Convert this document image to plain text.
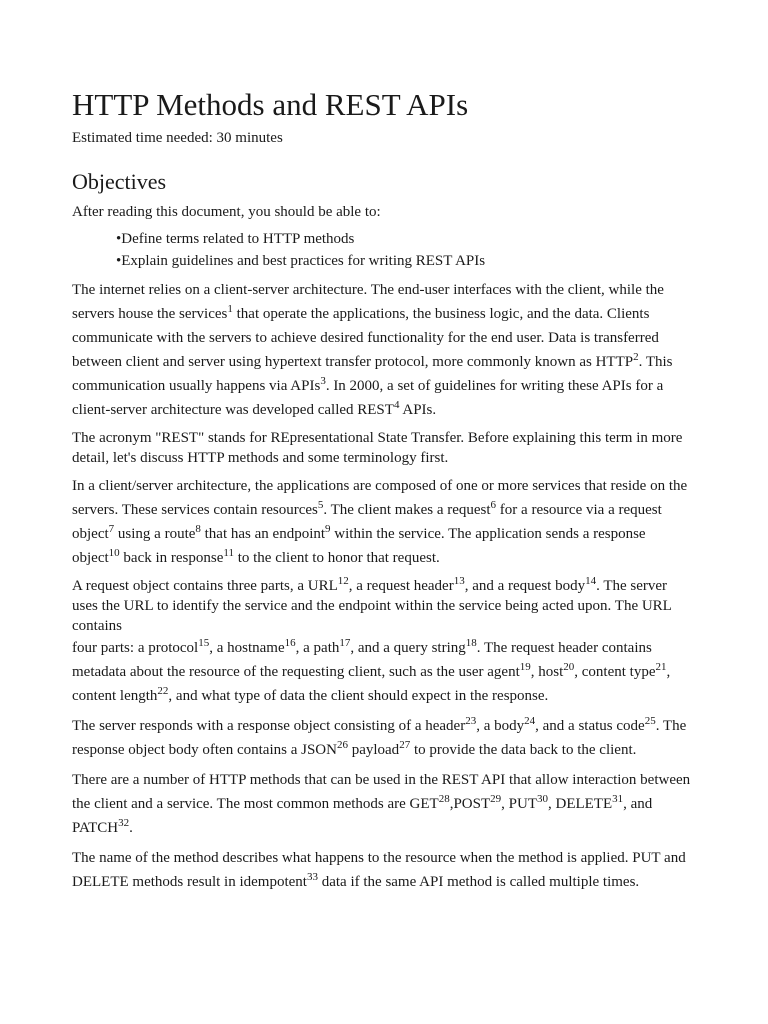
HTTP Methods and REST APIs
Estimated time needed: 30 minutes
Objectives

After reading this document, you should be able to:

• Define terms related to HTTP methods
• Explain guidelines and best practices for writing REST APIs

The internet relies on a client-server architecture. The end-user interfaces with the client, while the servers house the services$^1$ that operate the applications, the business logic, and the data. Clients communicate with the servers to achieve desired functionality for the end user. Data is transferred between client and server using hypertext transfer protocol, more commonly known as HTTP$^2$. This communication usually happens via APIs$^3$. In 2000, a set of guidelines for writing these APIs for a client-server architecture was developed called REST$^4$ APIs.

The acronym "REST" stands for REpresentational State Transfer. Before explaining this term in more detail, let's discuss HTTP methods and some terminology first.

In a client/server architecture, the applications are composed of one or more services that reside on the servers. These services contain resources$^5$. The client makes a request$^6$ for a resource via a request object$^7$ using a route$^8$ that has an endpoint$^9$ within the service. The application sends a response object$^{10}$ back in response$^{11}$ to the client to honor that request.

A request object contains three parts, a URL$^{12}$, a request header$^{13}$, and a request body$^{14}$. The server uses the URL to identify the service and the endpoint within the service being acted upon. The URL contains
four parts: a protocol$^{15}$, a hostname$^{16}$, a path$^{17}$, and a query string$^{18}$. The request header contains metadata about the resource of the requesting client, such as the user agent$^{19}$, host$^{20}$, content type$^{21}$, content length$^{22}$, and what type of data the client should expect in the response.

The server responds with a response object consisting of a header$^{23}$, a body$^{24}$, and a status code$^{25}$. The response object body often contains a JSON$^{26}$ payload$^{27}$ to provide the data back to the client.

There are a number of HTTP methods that can be used in the REST API that allow interaction between the client and a service. The most common methods are GET$^{28}$,POST$^{29}$, PUT$^{30}$, DELETE$^{31}$, and PATCH$^{32}$.

The name of the method describes what happens to the resource when the method is applied. PUT and DELETE methods result in idempotent$^{33}$ data if the same API method is called multiple times.
